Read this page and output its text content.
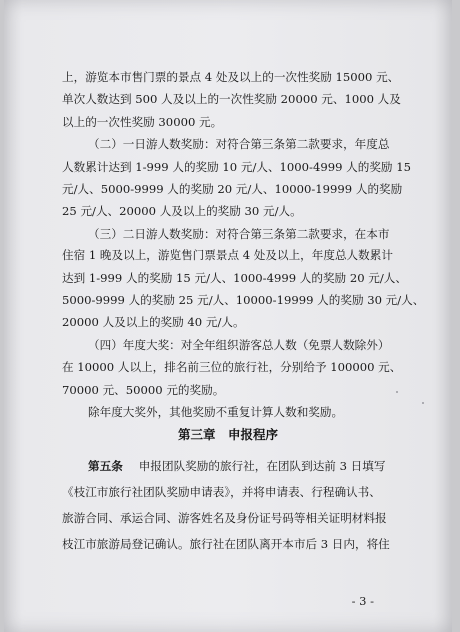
上，游览本市售门票的景点 4 处及以上的一次性奖励 15000 元、
单次人数达到 500 人及以上的一次性奖励 20000 元、1000 人及
以上的一次性奖励 30000 元。
（二）一日游人数奖励：对符合第三条第二款要求，年度总
人数累计达到 1-999 人的奖励 10 元/人、1000-4999 人的奖励 15
元/人、5000-9999 人的奖励 20 元/人、10000-19999 人的奖励
25 元/人、20000 人及以上的奖励 30 元/人。
（三）二日游人数奖励：对符合第三条第二款要求，在本市
住宿 1 晚及以上，游览售门票景点 4 处及以上，年度总人数累计
达到 1-999 人的奖励 15 元/人、1000-4999 人的奖励 20 元/人、
5000-9999 人的奖励 25 元/人、10000-19999 人的奖励 30 元/人、
20000 人及以上的奖励 40 元/人。
（四）年度大奖：对全年组织游客总人数（免票人数除外）
在 10000 人以上，排名前三位的旅行社，分别给予 100000 元、
70000 元、50000 元的奖励。
除年度大奖外，其他奖励不重复计算人数和奖励。
第三章　申报程序
第五条 申报团队奖励的旅行社，在团队到达前 3 日填写
《枝江市旅行社团队奖励申请表》，并将申请表、行程确认书、
旅游合同、承运合同、游客姓名及身份证号码等相关证明材料报
枝江市旅游局登记确认。旅行社在团队离开本市后 3 日内，将住
- 3 -
